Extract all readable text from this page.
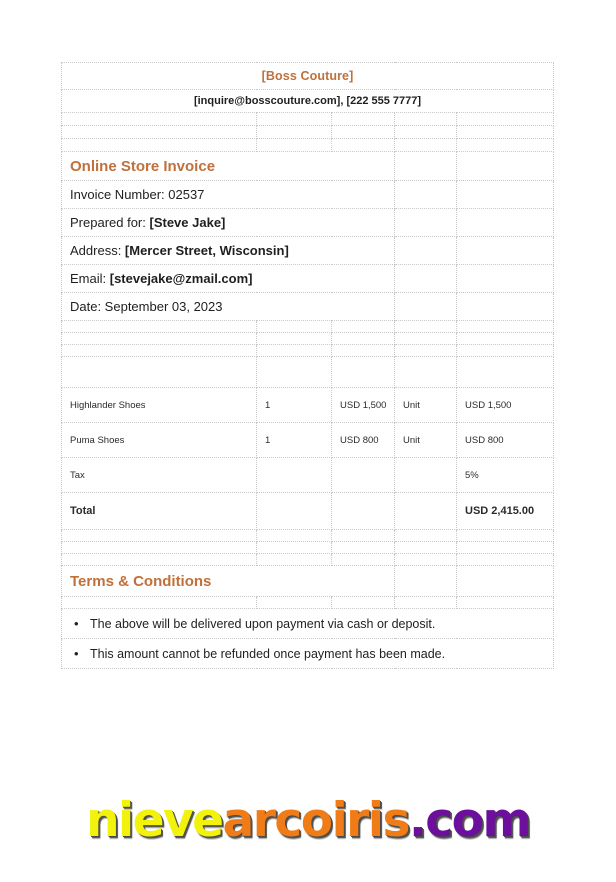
[Boss Couture]				
[inquire@bosscouture.com], [222 555 7777]				

Online Store Invoice				

Invoice Number: 02537				

Prepared for: [Steve Jake]				

Address: [Mercer Street, Wisconsin]				

Email: [stevejake@zmail.com]				

Date: September 03, 2023				

Description	Quantity	Price		Total

Highlander Shoes	1	USD 1,500	Unit	USD 1,500

Puma Shoes	1	USD 800	Unit	USD 800

Tax				5%

Total				USD 2,415.00

Terms & Conditions				

• The above will be delivered upon payment via cash or deposit.				

• This amount cannot be refunded once payment has been made.				
nievearcoiris.com
